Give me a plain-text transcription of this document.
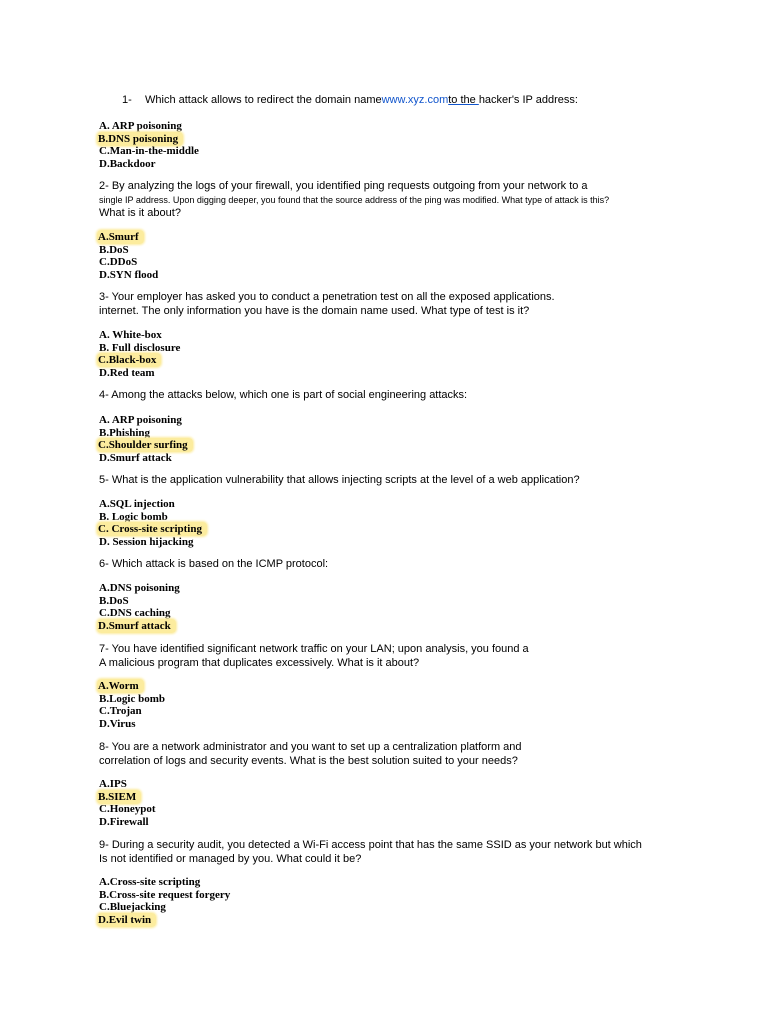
1- Which attack allows to redirect the domain namewww.xyz.comto the hacker's IP address:
A. ARP poisoning
B.DNS poisoning
C.Man-in-the-middle
D.Backdoor
2- By analyzing the logs of your firewall, you identified ping requests outgoing from your network to a
single IP address. Upon digging deeper, you found that the source address of the ping was modified. What type of attack is this?
What is it about?
A.Smurf
B.DoS
C.DDoS
D.SYN flood
3- Your employer has asked you to conduct a penetration test on all the exposed applications.
internet. The only information you have is the domain name used. What type of test is it?
A. White-box
B. Full disclosure
C.Black-box
D.Red team
4- Among the attacks below, which one is part of social engineering attacks:
A. ARP poisoning
B.Phishing
C.Shoulder surfing
D.Smurf attack
5- What is the application vulnerability that allows injecting scripts at the level of a web application?
A.SQL injection
B. Logic bomb
C. Cross-site scripting
D. Session hijacking
6- Which attack is based on the ICMP protocol:
A.DNS poisoning
B.DoS
C.DNS caching
D.Smurf attack
7- You have identified significant network traffic on your LAN; upon analysis, you found a
A malicious program that duplicates excessively. What is it about?
A.Worm
B.Logic bomb
C.Trojan
D.Virus
8- You are a network administrator and you want to set up a centralization platform and
correlation of logs and security events. What is the best solution suited to your needs?
A.IPS
B.SIEM
C.Honeypot
D.Firewall
9- During a security audit, you detected a Wi-Fi access point that has the same SSID as your network but which
Is not identified or managed by you. What could it be?
A.Cross-site scripting
B.Cross-site request forgery
C.Bluejacking
D.Evil twin
